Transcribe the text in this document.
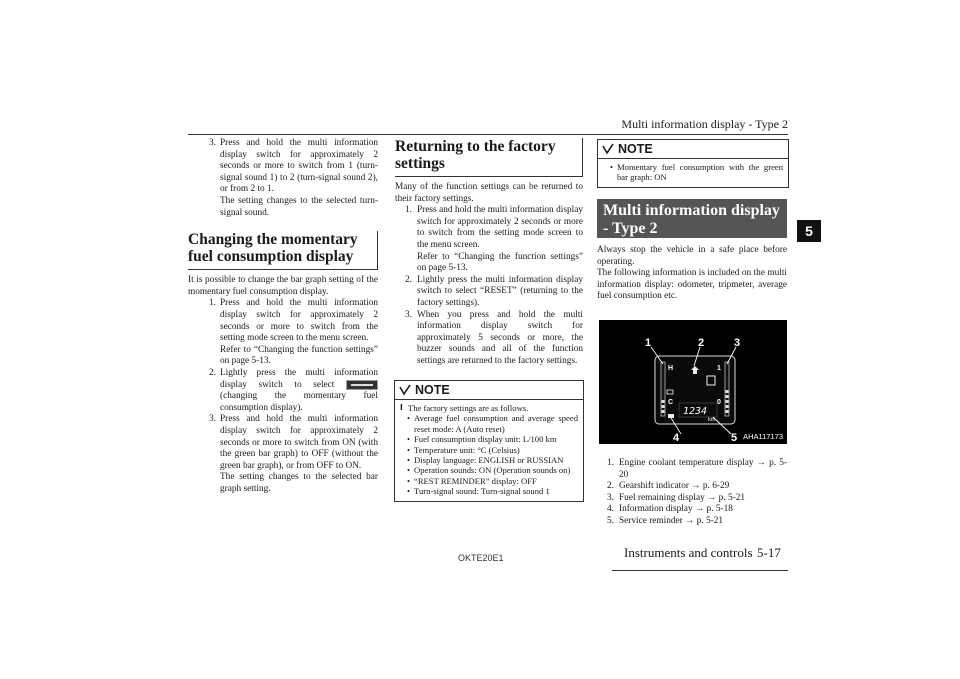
Multi information display - Type 2
5
OKTE20E1	Instruments and controls 5-17
3. Press and hold the multi information display switch for approximately 2 seconds or more to switch from 1 (turn-signal sound 1) to 2 (turn-signal sound 2), or from 2 to 1.
The setting changes to the selected turn-signal sound.
Changing the momentary fuel consumption display

It is possible to change the bar graph setting of the momentary fuel consumption display.

1. Press and hold the multi information display switch for approximately 2 seconds or more to switch from the setting mode screen to the menu screen.
Refer to “Changing the function settings” on page 5-13.
2. Lightly press the multi information display switch to select  (changing the momentary fuel consumption display).
3. Press and hold the multi information display switch for approximately 2 seconds or more to switch from ON (with the green bar graph) to OFF (without the green bar graph), or from OFF to ON.
The setting changes to the selected bar graph setting.
Returning to the factory settings

Many of the function settings can be returned to their factory settings.

1. Press and hold the multi information display switch for approximately 2 seconds or more to switch from the setting mode screen to the menu screen.
Refer to “Changing the function settings” on page 5-13.
2. Lightly press the multi information display switch to select “RESET” (returning to the factory settings).
3. When you press and hold the multi information display switch for approximately 5 seconds or more, the buzzer sounds and all of the function settings are returned to the factory settings.
NOTE
l The factory settings are as follows.
• Average fuel consumption and average speed reset mode: A (Auto reset)
• Fuel consumption display unit: L/100 km
• Temperature unit: °C (Celsius)
• Display language: ENGLISH or RUSSIAN
• Operation sounds: ON (Operation sounds on)
• “REST REMINDER” display: OFF
• Turn-signal sound: Turn-signal sound 1
NOTE
• Momentary fuel consumption with the green bar graph: ON
Multi information display - Type 2

Always stop the vehicle in a safe place before operating.

The following information is included on the multi information display: odometer, tripmeter, average fuel consumption etc.

1	2	3
4	5
H
C
1
0
1234
km
AHA117173
1. Engine coolant temperature display → p. 5-20
2. Gearshift indicator → p. 6-29
3. Fuel remaining display → p. 5-21
4. Information display → p. 5-18
5. Service reminder → p. 5-21
